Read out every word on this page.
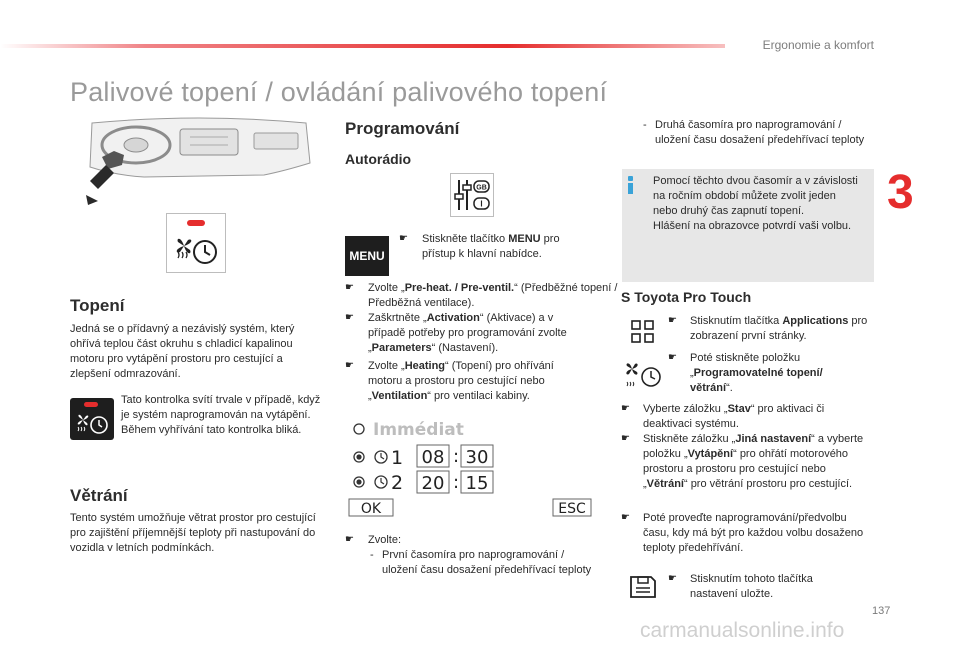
Ergonomie a komfort
Palivové topení / ovládání palivového topení
3
Topení

Jedná se o přídavný a nezávislý systém, který ohřívá teplou část okruhu s chladicí kapalinou motoru pro vytápění prostoru pro cestující a zlepšení odmrazování.

Tato kontrolka svítí trvale v případě, když je systém naprogramován na vytápění.
Během vyhřívání tato kontrolka bliká.

Větrání

Tento systém umožňuje větrat prostor pro cestující pro zajištění příjemnější teploty při nastupování do vozidla v letních podmínkách.

Programování
Autorádio
GB
I
MENU
☛ Stiskněte tlačítko MENU pro přístup k hlavní nabídce.

☛ Zvolte „Pre-heat. / Pre-ventil.“ (Předběžné topení / Předběžná ventilace).

☛ Zaškrtněte „Activation“ (Aktivace) a v případě potřeby pro programování zvolte „Parameters“ (Nastavení).

☛ Zvolte „Heating“ (Topení) pro ohřívání motoru a prostoru pro cestující nebo „Ventilation“ pro ventilaci kabiny.

Immédiat
1 08 : 30
2 20 : 15
OK	ESC
☛ Zvolte:

- První časomíra pro naprogramování / uložení času dosažení předehřívací teploty

- Druhá časomíra pro naprogramování / uložení času dosažení předehřívací teploty

Pomocí těchto dvou časomír a v závislosti na ročním období můžete zvolit jeden nebo druhý čas zapnutí topení.
Hlášení na obrazovce potvrdí vaši volbu.

S Toyota Pro Touch
☛ Stisknutím tlačítka Applications pro zobrazení první stránky.

☛ Poté stiskněte položku „Programovatelné topení/ větrání“.

☛ Vyberte záložku „Stav“ pro aktivaci či deaktivaci systému.

☛ Stiskněte záložku „Jiná nastavení“ a vyberte položku „Vytápění“ pro ohřátí motorového prostoru a prostoru pro cestující nebo „Větrání“ pro větrání prostoru pro cestující.

☛ Poté proveďte naprogramování/předvolbu času, kdy má být pro každou volbu dosaženo teploty předehřívání.

☛ Stisknutím tohoto tlačítka nastavení uložte.

137
carmanualsonline.info
